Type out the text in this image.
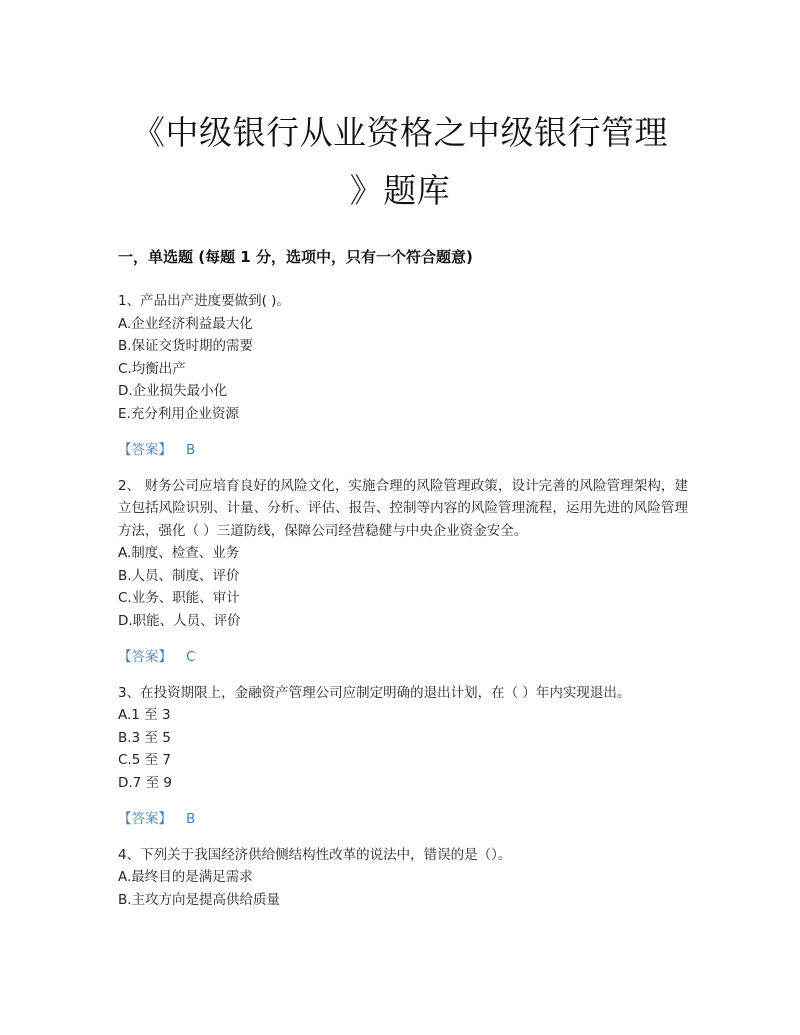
《中级银行从业资格之中级银行管理
》题库
一，单选题 (每题 1 分，选项中，只有一个符合题意)

1、产品出产进度要做到( )。

A.企业经济利益最大化
B.保证交货时期的需要
C.均衡出产
D.企业损失最小化
E.充分利用企业资源
【答案】 B

2、 财务公司应培育良好的风险文化，实施合理的风险管理政策，设计完善的风险管理架构，建立包括风险识别、计量、分析、评估、报告、控制等内容的风险管理流程，运用先进的风险管理方法，强化（ ）三道防线，保障公司经营稳健与中央企业资金安全。

A.制度、检查、业务
B.人员、制度、评价
C.业务、职能、审计
D.职能、人员、评价
【答案】 C

3、在投资期限上，金融资产管理公司应制定明确的退出计划，在（ ）年内实现退出。

A.1 至 3
B.3 至 5
C.5 至 7
D.7 至 9
【答案】 B

4、下列关于我国经济供给侧结构性改革的说法中，错误的是（）。

A.最终目的是满足需求
B.主攻方向是提高供给质量
